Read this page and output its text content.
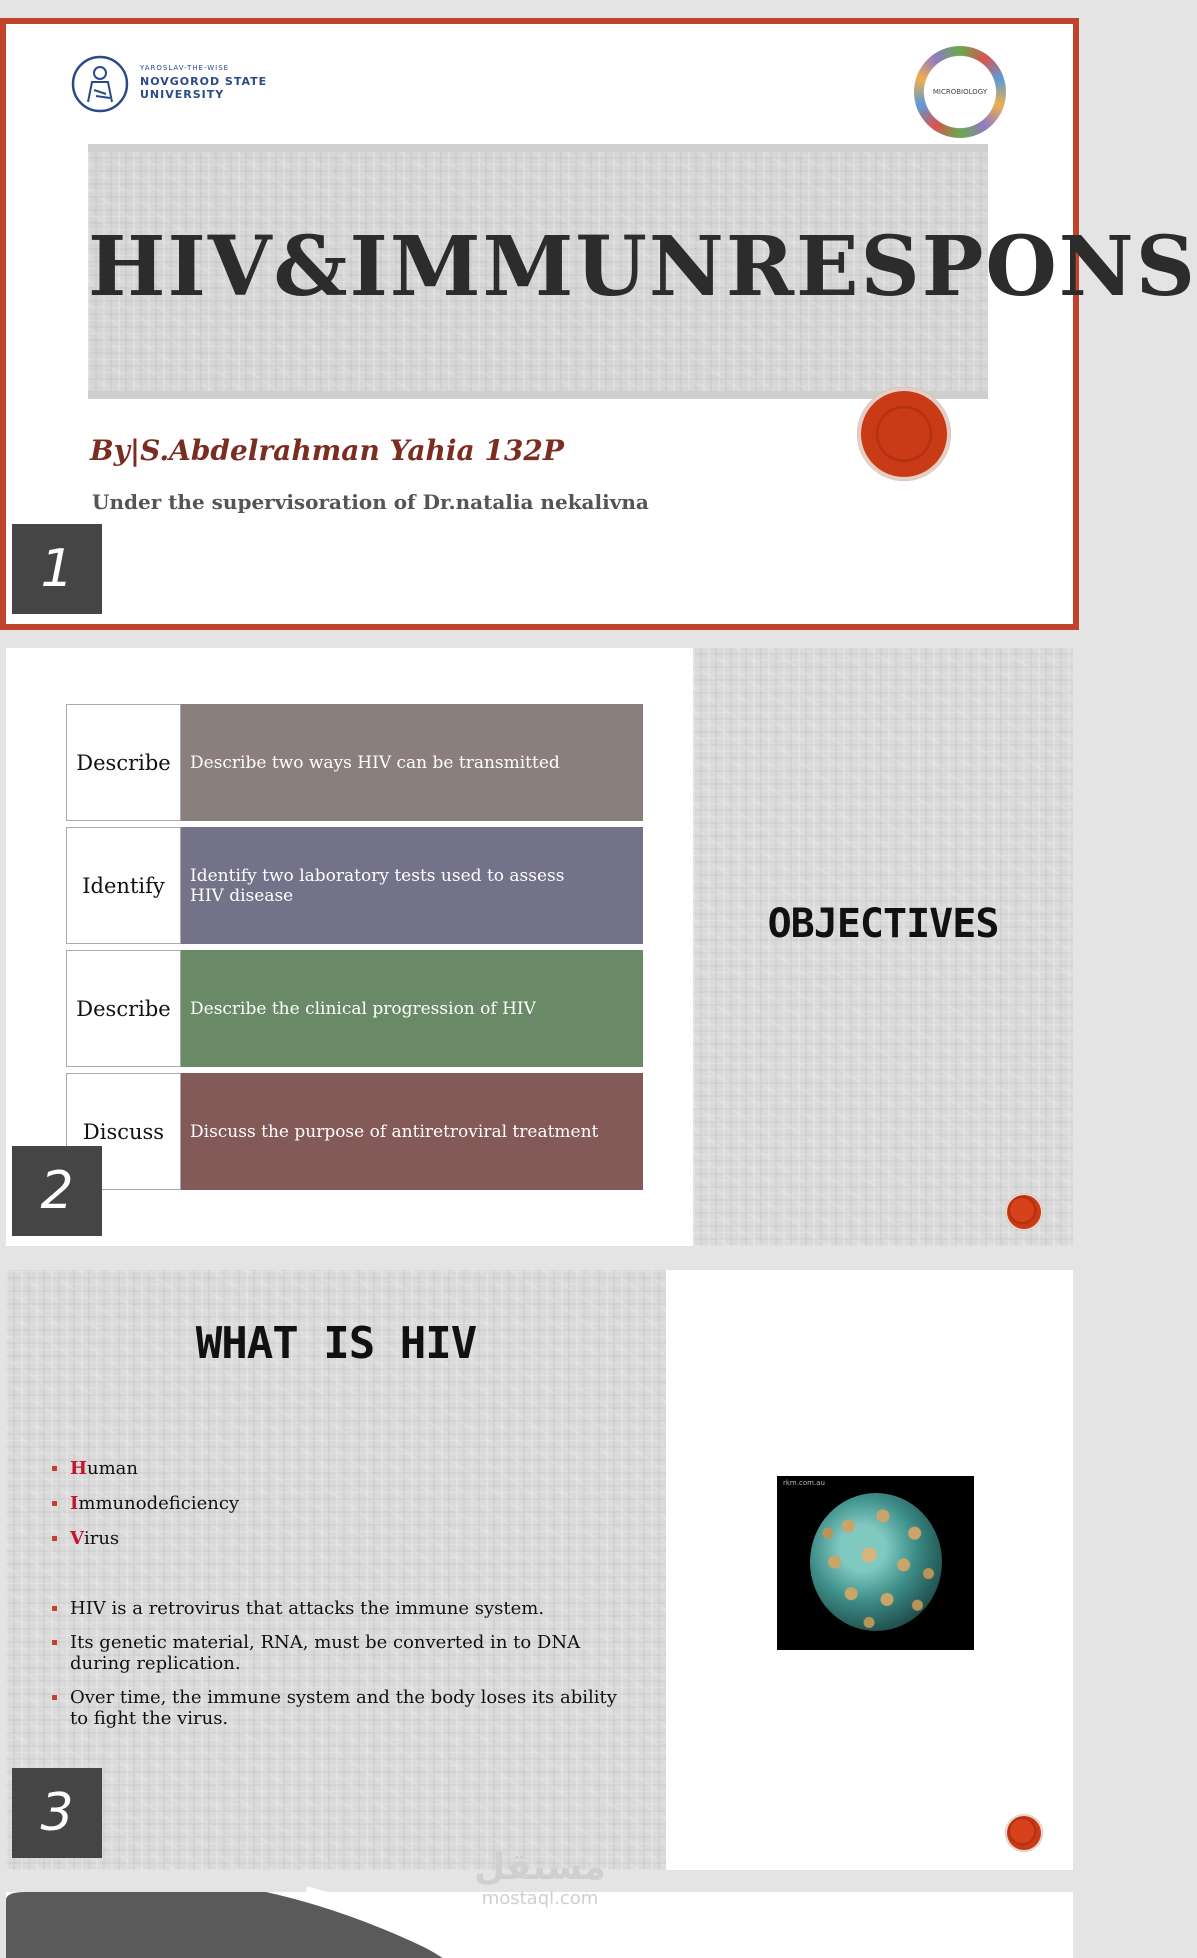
YAROSLAV-THE-WISE
NOVGOROD STATE
UNIVERSITY	MICROBIOLOGY
HIV&IMMUNRESPONS
By|S.Abdelrahman Yahia 132P
Under the supervisoration of Dr.natalia nekalivna
1
OBJECTIVES
Describe	Describe two ways HIV can be transmitted
Identify	Identify two laboratory tests used to assess HIV disease
Describe	Describe the clinical progression of HIV
Discuss	Discuss the purpose of antiretroviral treatment
2
WHAT IS HIV
Human
Immunodeficiency
Virus
HIV is a retrovirus that attacks the immune system.
Its genetic material, RNA, must be converted in to DNA during replication.
Over time, the immune system and the body loses its ability to fight the virus.
rkm.com.au
3
مستقل
mostaql.com
